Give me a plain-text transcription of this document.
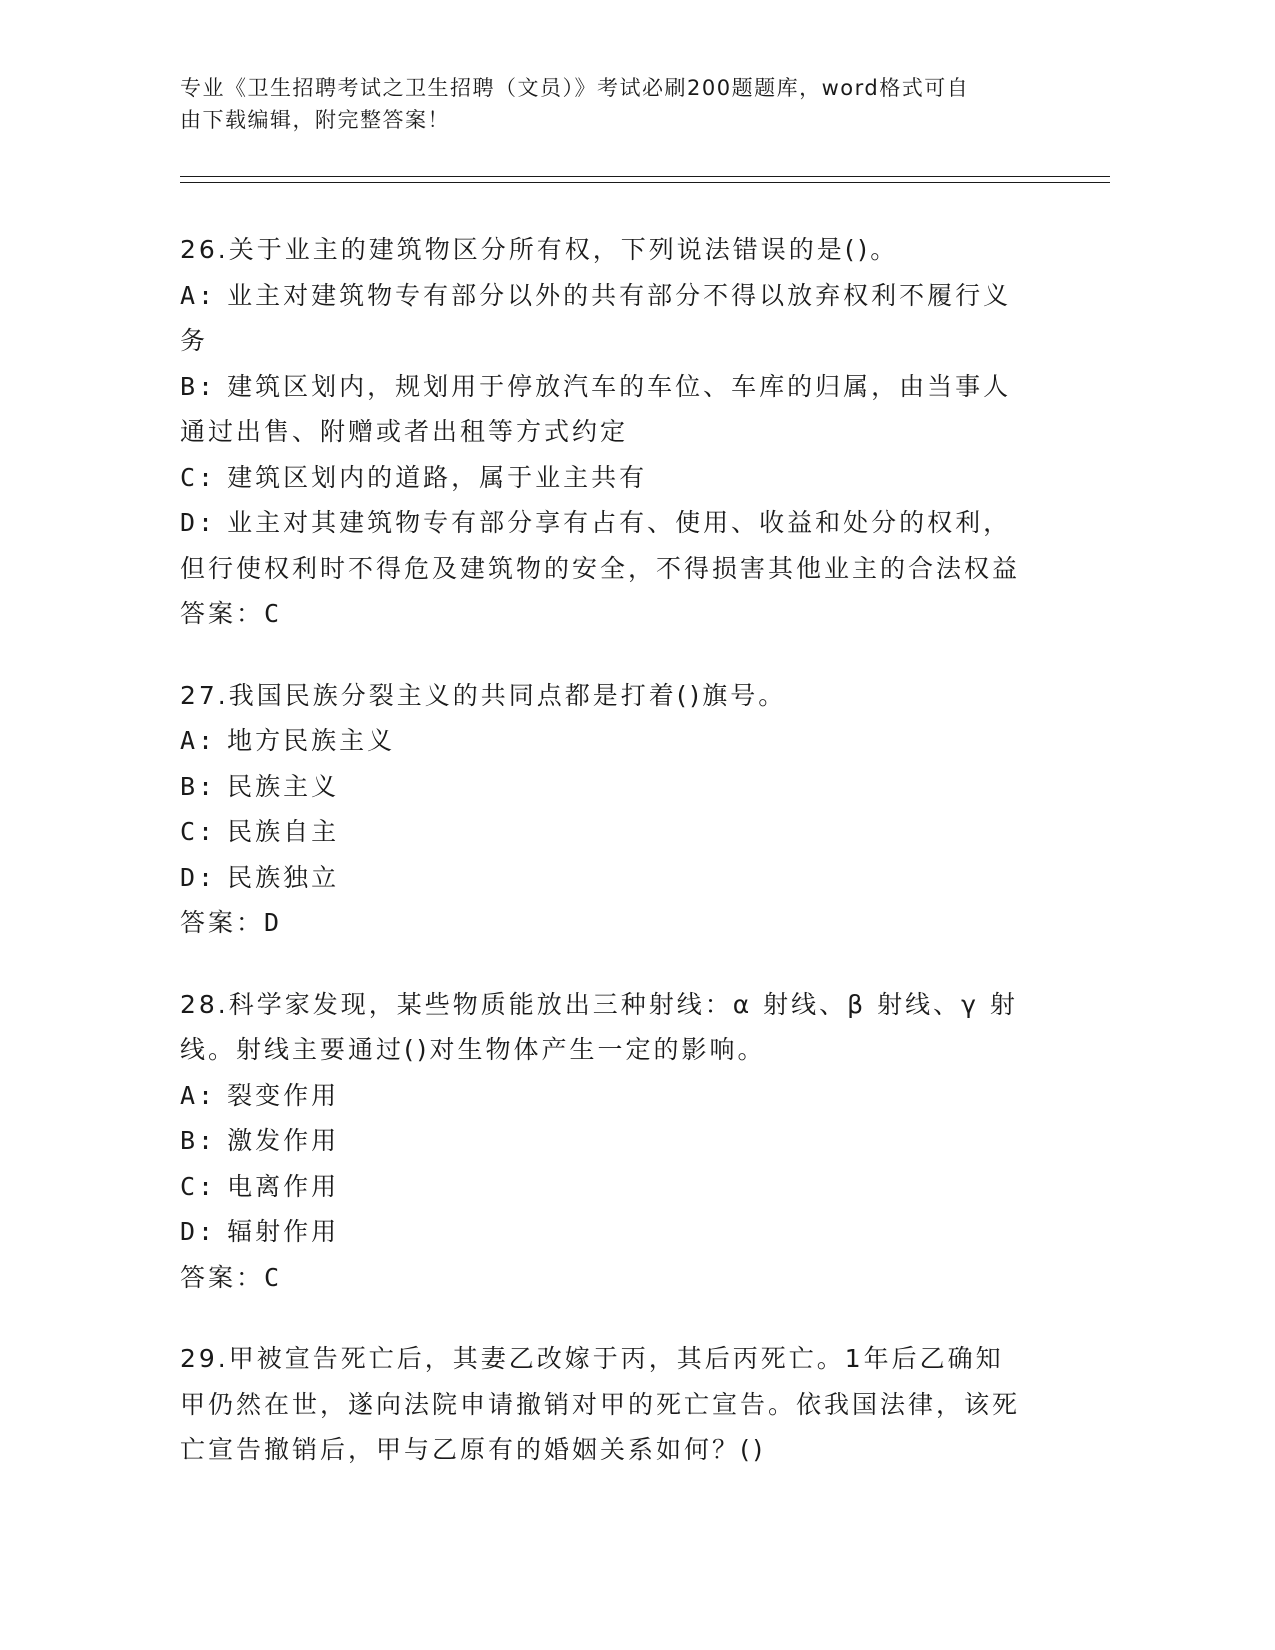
专业《卫生招聘考试之卫生招聘（文员）》考试必刷200题题库，word格式可自
由下载编辑，附完整答案！

26.关于业主的建筑物区分所有权，下列说法错误的是()。

A: 业主对建筑物专有部分以外的共有部分不得以放弃权利不履行义务

B: 建筑区划内，规划用于停放汽车的车位、车库的归属，由当事人通过出售、附赠或者出租等方式约定

C: 建筑区划内的道路，属于业主共有

D: 业主对其建筑物专有部分享有占有、使用、收益和处分的权利，但行使权利时不得危及建筑物的安全，不得损害其他业主的合法权益

答案：C

27.我国民族分裂主义的共同点都是打着()旗号。

A: 地方民族主义

B: 民族主义

C: 民族自主

D: 民族独立

答案：D

28.科学家发现，某些物质能放出三种射线：α 射线、β 射线、γ 射线。射线主要通过()对生物体产生一定的影响。

A: 裂变作用

B: 激发作用

C: 电离作用

D: 辐射作用

答案：C

29.甲被宣告死亡后，其妻乙改嫁于丙，其后丙死亡。1年后乙确知甲仍然在世，遂向法院申请撤销对甲的死亡宣告。依我国法律，该死亡宣告撤销后，甲与乙原有的婚姻关系如何？()
